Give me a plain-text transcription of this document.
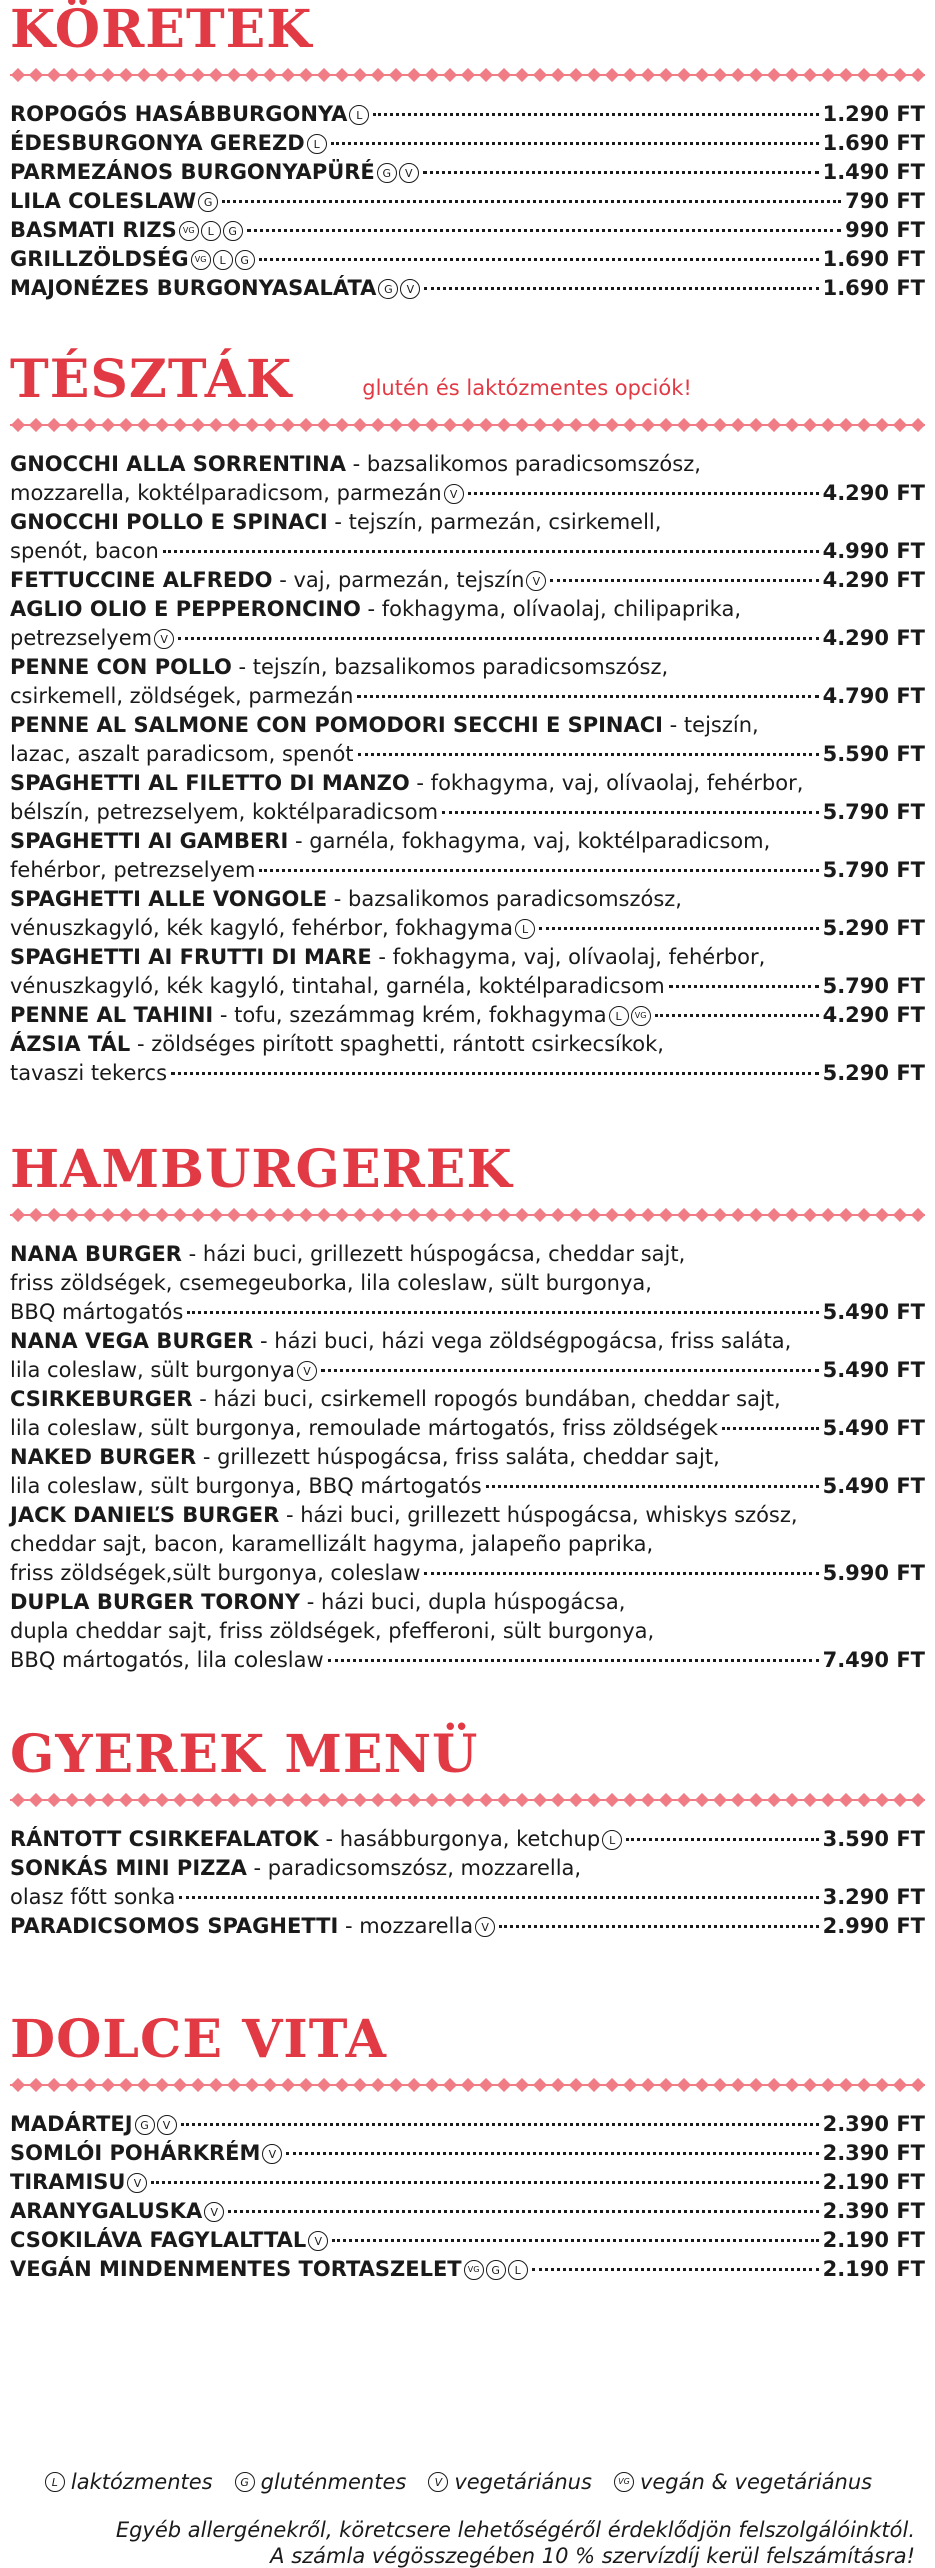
KÖRETEK
ROPOGÓS HASÁBBURGONYA L	1.290 FT
ÉDESBURGONYA GEREZD L	1.690 FT
PARMEZÁNOS BURGONYAPÜRÉ G V	1.490 FT
LILA COLESLAW G	790 FT
BASMATI RIZS VG L G	990 FT
GRILLZÖLDSÉG VG L G	1.690 FT
MAJONÉZES BURGONYASALÁTA G V	1.690 FT
TÉSZTÁK	glutén és laktózmentes opciók!
GNOCCHI ALLA SORRENTINA - bazsalikomos paradicsomszósz,
mozzarella, koktélparadicsom, parmezán V	4.290 FT
GNOCCHI POLLO E SPINACI - tejszín, parmezán, csirkemell,
spenót, bacon	4.990 FT
FETTUCCINE ALFREDO - vaj, parmezán, tejszín V	4.290 FT
AGLIO OLIO E PEPPERONCINO - fokhagyma, olívaolaj, chilipaprika,
petrezselyem V	4.290 FT
PENNE CON POLLO - tejszín, bazsalikomos paradicsomszósz,
csirkemell, zöldségek, parmezán	4.790 FT
PENNE AL SALMONE CON POMODORI SECCHI E SPINACI - tejszín,
lazac, aszalt paradicsom, spenót	5.590 FT
SPAGHETTI AL FILETTO DI MANZO - fokhagyma, vaj, olívaolaj, fehérbor,
bélszín, petrezselyem, koktélparadicsom	5.790 FT
SPAGHETTI AI GAMBERI - garnéla, fokhagyma, vaj, koktélparadicsom,
fehérbor, petrezselyem	5.790 FT
SPAGHETTI ALLE VONGOLE - bazsalikomos paradicsomszósz,
vénuszkagyló, kék kagyló, fehérbor, fokhagyma L	5.290 FT
SPAGHETTI AI FRUTTI DI MARE - fokhagyma, vaj, olívaolaj, fehérbor,
vénuszkagyló, kék kagyló, tintahal, garnéla, koktélparadicsom	5.790 FT
PENNE AL TAHINI - tofu, szezámmag krém, fokhagyma L VG	4.290 FT
ÁZSIA TÁL - zöldséges pirított spaghetti, rántott csirkecsíkok,
tavaszi tekercs	5.290 FT
HAMBURGEREK
NANA BURGER - házi buci, grillezett húspogácsa, cheddar sajt,
friss zöldségek, csemegeuborka, lila coleslaw, sült burgonya,
BBQ mártogatós	5.490 FT
NANA VEGA BURGER - házi buci, házi vega zöldségpogácsa, friss saláta,
lila coleslaw, sült burgonya V	5.490 FT
CSIRKEBURGER - házi buci, csirkemell ropogós bundában, cheddar sajt,
lila coleslaw, sült burgonya, remoulade mártogatós, friss zöldségek	5.490 FT
NAKED BURGER - grillezett húspogácsa, friss saláta, cheddar sajt,
lila coleslaw, sült burgonya, BBQ mártogatós	5.490 FT
JACK DANIEĽS BURGER - házi buci, grillezett húspogácsa, whiskys szósz,
cheddar sajt, bacon, karamellizált hagyma, jalapeño paprika,
friss zöldségek,sült burgonya, coleslaw	5.990 FT
DUPLA BURGER TORONY - házi buci, dupla húspogácsa,
dupla cheddar sajt, friss zöldségek, pfefferoni, sült burgonya,
BBQ mártogatós, lila coleslaw	7.490 FT
GYEREK MENÜ
RÁNTOTT CSIRKEFALATOK - hasábburgonya, ketchup L	3.590 FT
SONKÁS MINI PIZZA - paradicsomszósz, mozzarella,
olasz főtt sonka	3.290 FT
PARADICSOMOS SPAGHETTI - mozzarella V	2.990 FT
DOLCE VITA
MADÁRTEJ G V	2.390 FT
SOMLÓI POHÁRKRÉM V	2.390 FT
TIRAMISU V	2.190 FT
ARANYGALUSKA V	2.390 FT
CSOKILÁVA FAGYLALTTAL V	2.190 FT
VEGÁN MINDENMENTES TORTASZELET VG G L	2.190 FT
L laktózmentes	G gluténmentes	V vegetáriánus	VG vegán & vegetáriánus
Egyéb allergénekről, köretcsere lehetőségéről érdeklődjön felszolgálóinktól.
A számla végösszegében 10 % szervízdíj kerül felszámításra!
